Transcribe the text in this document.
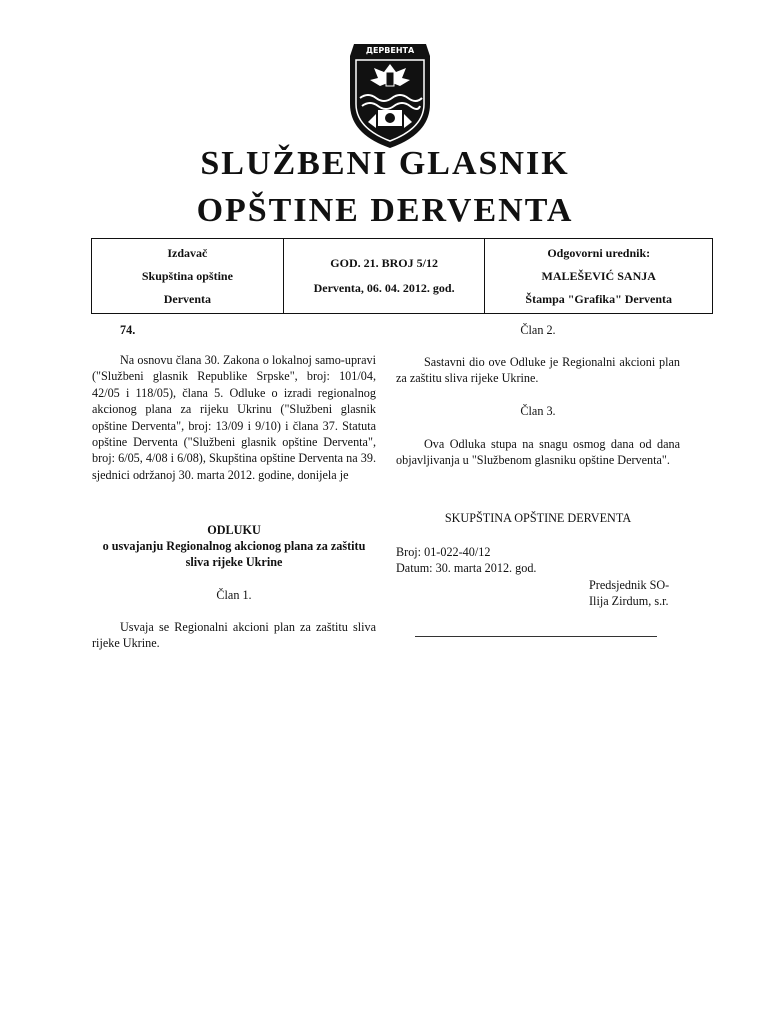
ДЕРВЕНТА
SLUŽBENI GLASNIK
OPŠTINE DERVENTA
Izdavač
Skupština opštine
Derventa
GOD. 21. BROJ 5/12
Derventa, 06. 04. 2012. god.
Odgovorni urednik:
MALEŠEVIĆ SANJA
Štampa "Grafika" Derventa
74.
Na osnovu člana 30. Zakona o lokalnoj samo-upravi ("Službeni glasnik Republike Srpske", broj: 101/04, 42/05 i 118/05), člana 5. Odluke o izradi regionalnog akcionog plana za rijeku Ukrinu ("Službeni glasnik opštine Derventa", broj: 13/09 i 9/10) i člana 37. Statuta opštine Derventa ("Službeni glasnik opštine Derventa", broj: 6/05, 4/08 i 6/08), Skupština opštine Derventa na 39. sjednici održanoj 30. marta 2012. godine, donijela je
ODLUKU
o usvajanju Regionalnog akcionog plana za zaštitu sliva rijeke Ukrine
Član 1.
Usvaja se Regionalni akcioni plan za zaštitu sliva rijeke Ukrine.
Član 2.
Sastavni dio ove Odluke je Regionalni akcioni plan za zaštitu sliva rijeke Ukrine.
Član 3.
Ova Odluka stupa na snagu osmog dana od dana objavljivanja u "Službenom glasniku opštine Derventa".
SKUPŠTINA OPŠTINE DERVENTA
Broj: 01-022-40/12
Datum: 30. marta 2012. god.
Predsjednik SO-
Ilija Zirdum, s.r.
